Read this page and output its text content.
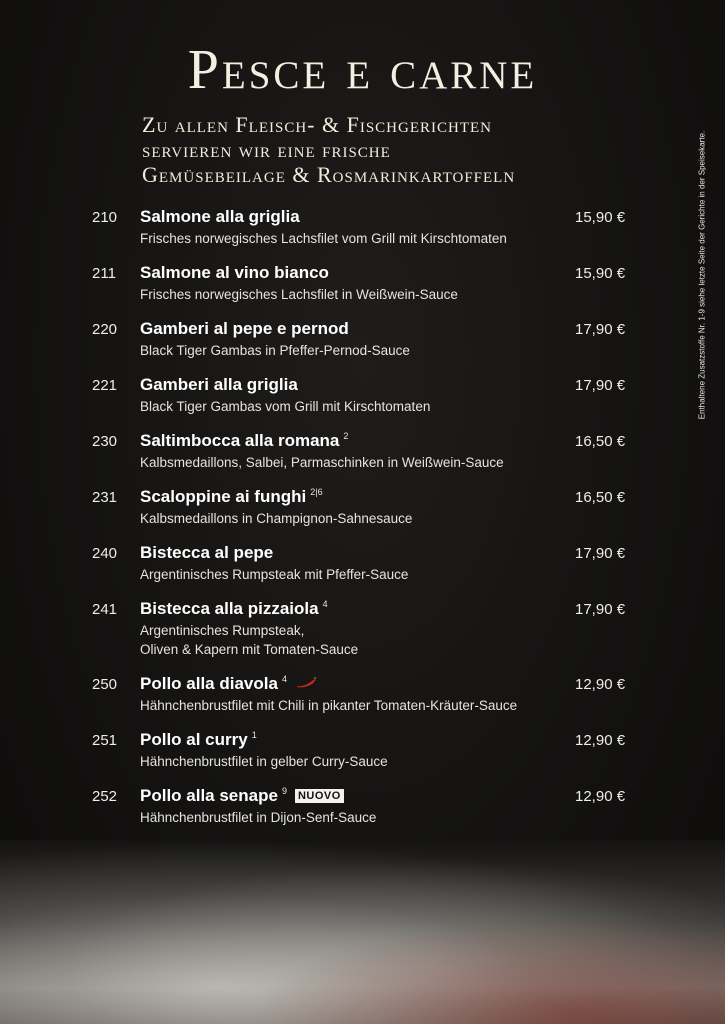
Pesce e carne
Zu allen Fleisch- & Fischgerichten
servieren wir eine frische
Gemüsebeilage & Rosmarinkartoffeln	Enthaltene Zusatzstoffe Nr. 1-9 siehe letzte Seite der Gerichte in der Speisekarte.
210 Salmone alla griglia	15,90 €
Frisches norwegisches Lachsfilet vom Grill mit Kirschtomaten
211	Salmone al vino bianco	15,90 €
Frisches norwegisches Lachsfilet in Weißwein-Sauce
220 Gamberi al pepe e pernod	17,90 €
Black Tiger Gambas in Pfeffer-Pernod-Sauce
221 Gamberi alla griglia	17,90 €
Black Tiger Gambas vom Grill mit Kirschtomaten
230 Saltimbocca alla romana $^2$	16,50 €
Kalbsmedaillons, Salbei, Parmaschinken in Weißwein-Sauce
231 Scaloppine ai funghi $^{2|6}$	16,50 €
Kalbsmedaillons in Champignon-Sahnesauce
240 Bistecca al pepe	17,90 €
Argentinisches Rumpsteak mit Pfeffer-Sauce
241 Bistecca alla pizzaiola $^4$	17,90 €
Argentinisches Rumpsteak,
Oliven & Kapern mit Tomaten-Sauce
250 Pollo alla diavola $^4$	12,90 €
Hähnchenbrustfilet mit Chili in pikanter Tomaten-Kräuter-Sauce
251 Pollo al curry $^1$	12,90 €
Hähnchenbrustfilet in gelber Curry-Sauce
252 Pollo alla senape $^9$ NUOVO	12,90 €
Hähnchenbrustfilet in Dijon-Senf-Sauce
